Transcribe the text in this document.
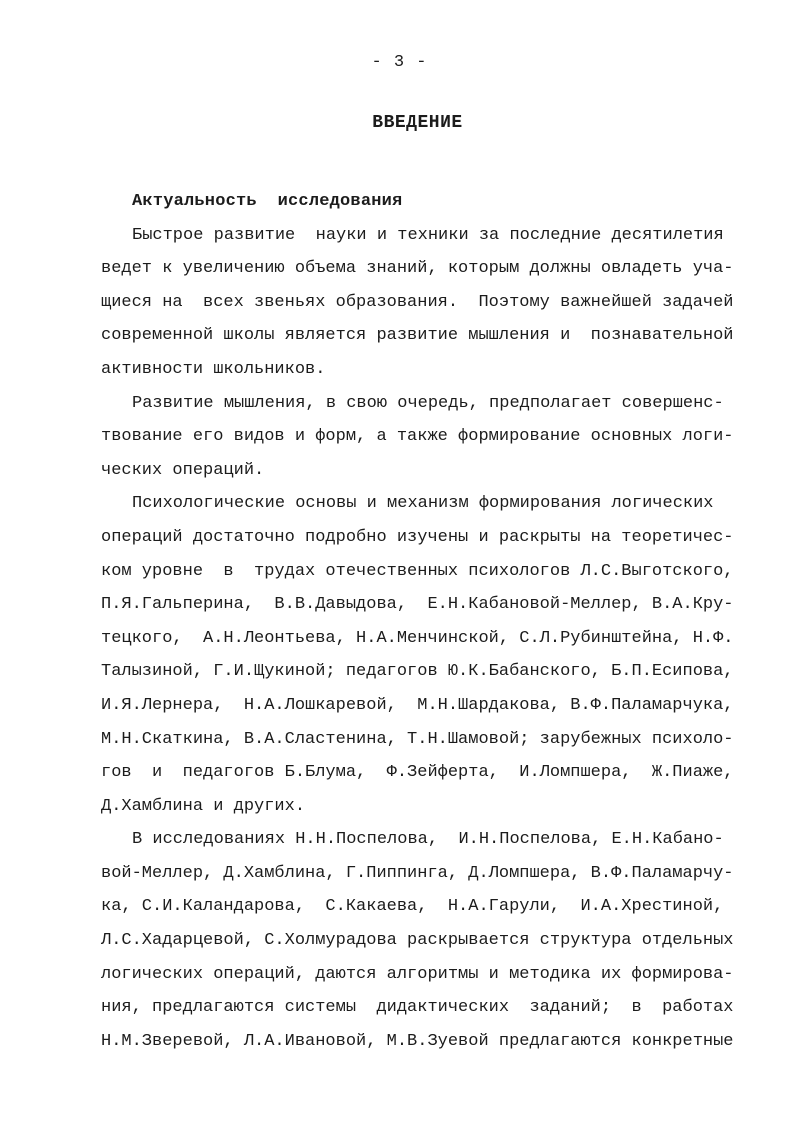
- 3 -
ВВЕДЕНИЕ
Актуальность  исследования
Быстрое развитие  науки и техники за последние десятилетия
ведет к увеличению объема знаний, которым должны овладеть уча-
щиеся на  всех звеньях образования.  Поэтому важнейшей задачей
современной школы является развитие мышления и  познавательной
активности школьников.
Развитие мышления, в свою очередь, предполагает совершенс-
твование его видов и форм, а также формирование основных логи-
ческих операций.
Психологические основы и механизм формирования логических
операций достаточно подробно изучены и раскрыты на теоретичес-
ком уровне  в  трудах отечественных психологов Л.С.Выготского,
П.Я.Гальперина,  В.В.Давыдова,  Е.Н.Кабановой-Меллер, В.А.Кру-
тецкого,  А.Н.Леонтьева, Н.А.Менчинской, С.Л.Рубинштейна, Н.Ф.
Талызиной, Г.И.Щукиной; педагогов Ю.К.Бабанского, Б.П.Есипова,
И.Я.Лернера,  Н.А.Лошкаревой,  М.Н.Шардакова, В.Ф.Паламарчука,
М.Н.Скаткина, В.А.Сластенина, Т.Н.Шамовой; зарубежных психоло-
гов  и  педагогов Б.Блума,  Ф.Зейферта,  И.Ломпшера,  Ж.Пиаже,
Д.Хамблина и других.
В исследованиях Н.Н.Поспелова,  И.Н.Поспелова, Е.Н.Кабано-
вой-Меллер, Д.Хамблина, Г.Пиппинга, Д.Ломпшера, В.Ф.Паламарчу-
ка, С.И.Каландарова,  С.Какаева,  Н.А.Гарули,  И.А.Хрестиной,
Л.С.Хадарцевой, С.Холмурадова раскрывается структура отдельных
логических операций, даются алгоритмы и методика их формирова-
ния, предлагаются системы  дидактических  заданий;  в  работах
Н.М.Зверевой, Л.А.Ивановой, М.В.Зуевой предлагаются конкретные
